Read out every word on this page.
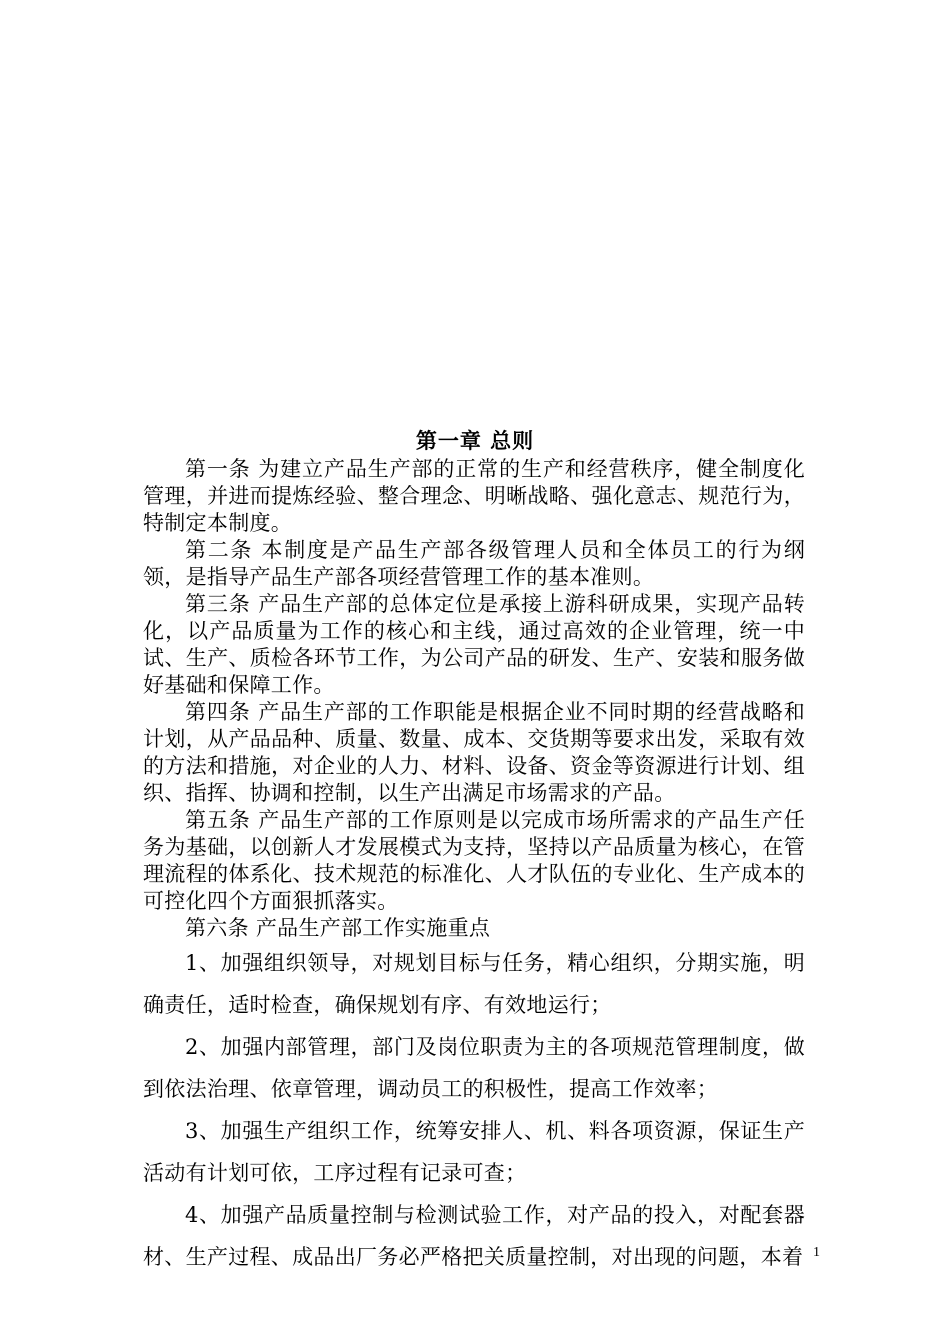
第一章 总则

第一条 为建立产品生产部的正常的生产和经营秩序，健全制度化管理，并进而提炼经验、整合理念、明晰战略、强化意志、规范行为，特制定本制度。

第二条 本制度是产品生产部各级管理人员和全体员工的行为纲领，是指导产品生产部各项经营管理工作的基本准则。

第三条 产品生产部的总体定位是承接上游科研成果，实现产品转化，以产品质量为工作的核心和主线，通过高效的企业管理，统一中试、生产、质检各环节工作，为公司产品的研发、生产、安装和服务做好基础和保障工作。

第四条 产品生产部的工作职能是根据企业不同时期的经营战略和计划，从产品品种、质量、数量、成本、交货期等要求出发，采取有效的方法和措施，对企业的人力、材料、设备、资金等资源进行计划、组织、指挥、协调和控制，以生产出满足市场需求的产品。

第五条 产品生产部的工作原则是以完成市场所需求的产品生产任务为基础，以创新人才发展模式为支持，坚持以产品质量为核心，在管理流程的体系化、技术规范的标准化、人才队伍的专业化、生产成本的可控化四个方面狠抓落实。

第六条 产品生产部工作实施重点

1、加强组织领导，对规划目标与任务，精心组织，分期实施，明确责任，适时检查，确保规划有序、有效地运行；

2、加强内部管理，部门及岗位职责为主的各项规范管理制度，做到依法治理、依章管理，调动员工的积极性，提高工作效率；

3、加强生产组织工作，统筹安排人、机、料各项资源，保证生产活动有计划可依，工序过程有记录可查；

4、加强产品质量控制与检测试验工作，对产品的投入，对配套器材、生产过程、成品出厂务必严格把关质量控制，对出现的问题，本着 1
